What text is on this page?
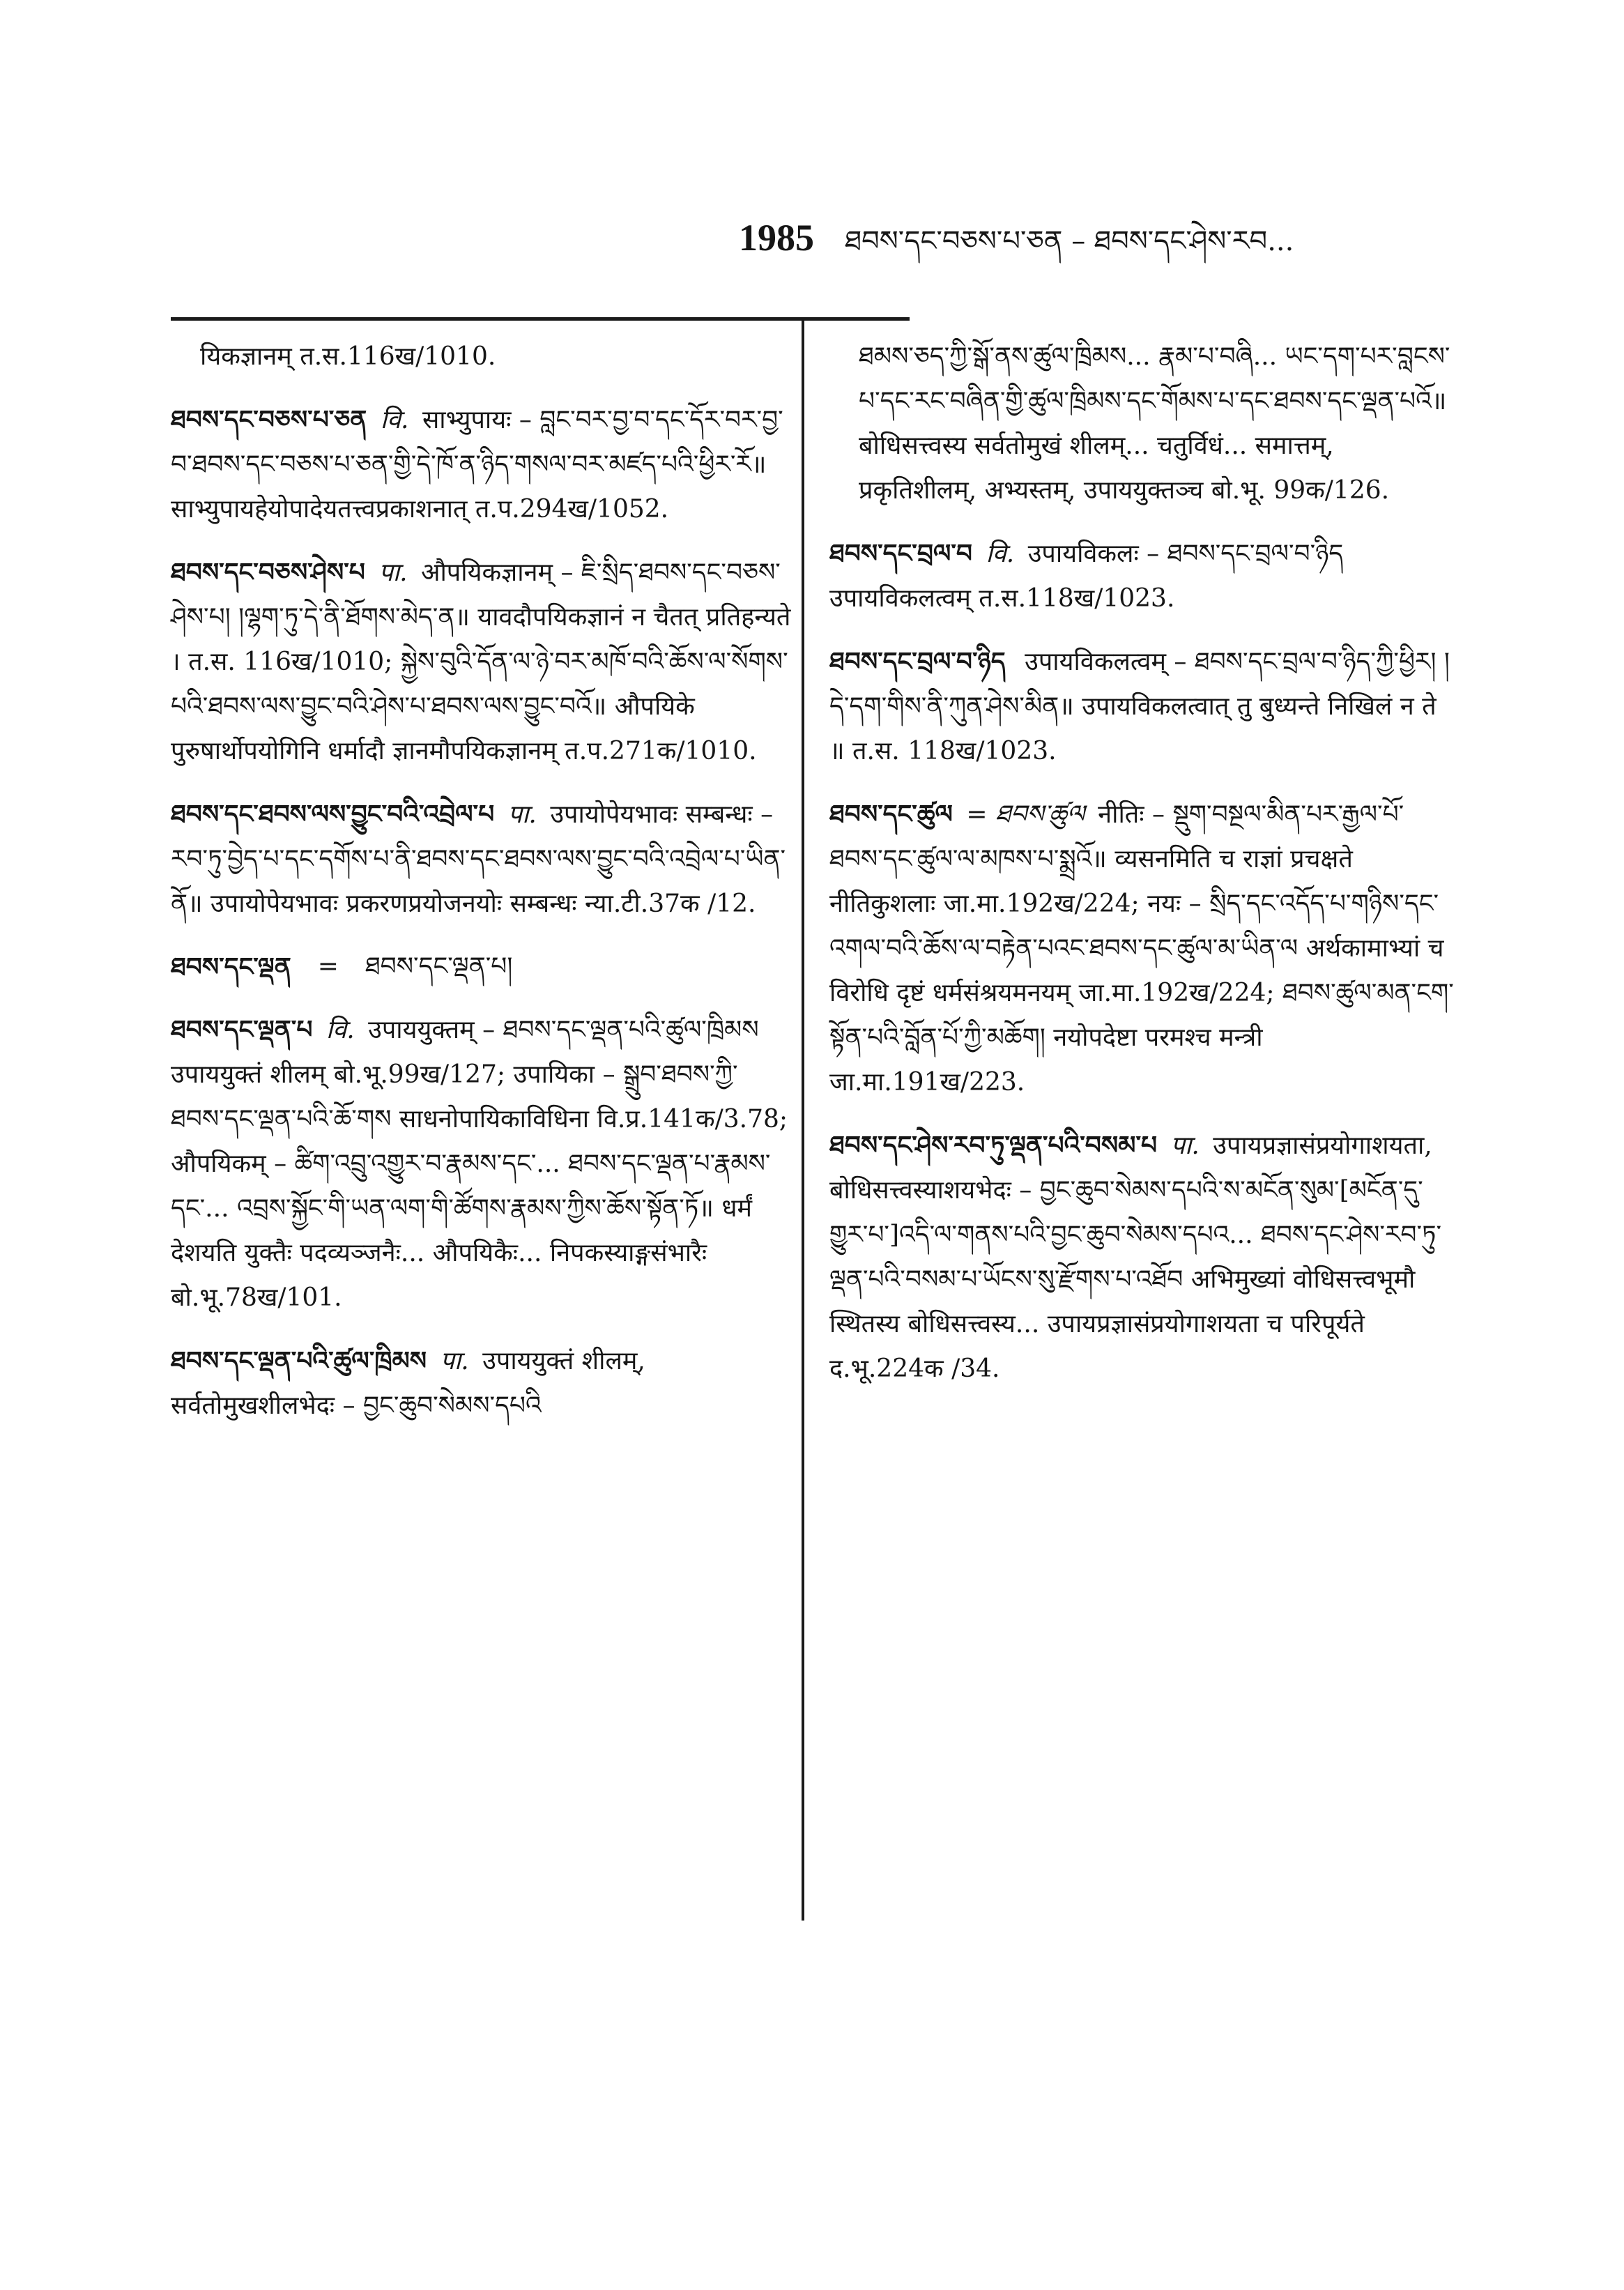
1985 ཐབས་དང་བཅས་པ་ཅན – ཐབས་དང་ཤེས་རབ...
यिकज्ञानम् त.स.116ख/1010.
ཐབས་དང་བཅས་པ་ཅན वि. साभ्युपायः – བླང་བར་བྱ་བ་དང་དོར་བར་བྱ་བ་ཐབས་དང་བཅས་པ་ཅན་གྱི་དེ་ཁོ་ན་ཉིད་གསལ་བར་མཛད་པའི་ཕྱིར་རོ॥ साभ्युपायहेयोपादेयतत्त्वप्रकाशनात् त.प.294ख/1052.
ཐབས་དང་བཅས་ཤེས་པ पा. औपयिकज्ञानम् – ཇི་སྲིད་ཐབས་དང་བཅས་ཤེས་པ། །ལྷག་ཏུ་དེ་ནི་ཐོགས་མེད་ན॥ यावदौपयिकज्ञानं न चैतत् प्रतिहन्यते । त.स. 116ख/1010; སྐྱེས་བུའི་དོན་ལ་ཉེ་བར་མཁོ་བའི་ཆོས་ལ་སོགས་པའི་ཐབས་ལས་བྱུང་བའི་ཤེས་པ་ཐབས་ལས་བྱུང་བའོ॥ औपयिके पुरुषार्थोपयोगिनि धर्मादौ ज्ञानमौपयिकज्ञानम् त.प.271क/1010.
ཐབས་དང་ཐབས་ལས་བྱུང་བའི་འབྲེལ་པ पा. उपायोपेयभावः सम्बन्धः – རབ་ཏུ་བྱེད་པ་དང་དགོས་པ་ནི་ཐབས་དང་ཐབས་ལས་བྱུང་བའི་འབྲེལ་པ་ཡིན་ནོ॥ उपायोपेयभावः प्रकरणप्रयोजनयोः सम्बन्धः न्या.टी.37क /12.
ཐབས་དང་ལྡན = ཐབས་དང་ལྡན་པ།
ཐབས་དང་ལྡན་པ वि. उपाययुक्तम् – ཐབས་དང་ལྡན་པའི་ཚུལ་ཁྲིམས उपाययुक्तं शीलम् बो.भू.99ख/127; उपायिका – སྒྲུབ་ཐབས་ཀྱི་ཐབས་དང་ལྡན་པའི་ཆོ་གས साधनोपायिकाविधिना वि.प्र.141क/3.78; औपयिकम् – ཚིག་འབྲུ་འགྱུར་བ་རྣམས་དང་... ཐབས་དང་ལྡན་པ་རྣམས་དང་... འབྲས་སྐྱོང་གི་ཡན་ལག་གི་ཚོགས་རྣམས་ཀྱིས་ཆོས་སྟོན་ཏོ॥ धर्मं देशयति युक्तैः पदव्यञ्जनैः... औपयिकैः... निपकस्याङ्गसंभारैः बो.भू.78ख/101.
ཐབས་དང་ལྡན་པའི་ཚུལ་ཁྲིམས पा. उपाययुक्तं शीलम्, सर्वतोमुखशीलभेदः – བྱང་ཆུབ་སེམས་དཔའི
ཐམས་ཅད་ཀྱི་སྒོ་ནས་ཚུལ་ཁྲིམས... རྣམ་པ་བཞི... ཡང་དག་པར་བླངས་པ་དང་རང་བཞིན་གྱི་ཚུལ་ཁྲིམས་དང་གོམས་པ་དང་ཐབས་དང་ལྡན་པའོ॥ बोधिसत्त्वस्य सर्वतोमुखं शीलम्... चतुर्विधं... समात्तम्, प्रकृतिशीलम्, अभ्यस्तम्, उपाययुक्तञ्च बो.भू. 99क/126.
ཐབས་དང་བྲལ་བ वि. उपायविकलः – ཐབས་དང་བྲལ་བ་ཉིད उपायविकलत्वम् त.स.118ख/1023.
ཐབས་དང་བྲལ་བ་ཉིད उपायविकलत्वम् – ཐབས་དང་བྲལ་བ་ཉིད་ཀྱི་ཕྱིར། །དེ་དག་གིས་ནི་ཀུན་ཤེས་མིན॥ उपायविकलत्वात् तु बुध्यन्ते निखिलं न ते ॥ त.स. 118ख/1023.
ཐབས་དང་ཚུལ = ཐབས་ཚུལ नीतिः – སྡུག་བསྔལ་མིན་པར་རྒྱལ་པོ་ཐབས་དང་ཚུལ་ལ་མཁས་པ་སྨྲའོ॥ व्यसनमिति च राज्ञां प्रचक्षते नीतिकुशलाः जा.मा.192ख/224; नयः – སྲིད་དང་འདོད་པ་གཉིས་དང་འགལ་བའི་ཆོས་ལ་བརྟེན་པའང་ཐབས་དང་ཚུལ་མ་ཡིན་ལ अर्थकामाभ्यां च विरोधि दृष्टं धर्मसंश्रयमनयम् जा.मा.192ख/224; ཐབས་ཚུལ་མན་ངག་སྟོན་པའི་བློན་པོ་ཀྱི་མཆོག། नयोपदेष्टा परमश्च मन्त्री जा.मा.191ख/223.
ཐབས་དང་ཤེས་རབ་ཏུ་ལྡན་པའི་བསམ་པ पा. उपायप्रज्ञासंप्रयोगाशयता, बोधिसत्त्वस्याशयभेदः – བྱང་ཆུབ་སེམས་དཔའི་ས་མངོན་སུམ་[མངོན་དུ་གྱུར་པ་]འདི་ལ་གནས་པའི་བྱང་ཆུབ་སེམས་དཔའ... ཐབས་དང་ཤེས་རབ་ཏུ་ལྡན་པའི་བསམ་པ་ཡོངས་སུ་རྫོགས་པ་འཐོབ अभिमुख्यां वोधिसत्त्वभूमौ स्थितस्य बोधिसत्त्वस्य... उपायप्रज्ञासंप्रयोगाशयता च परिपूर्यते द.भू.224क /34.
